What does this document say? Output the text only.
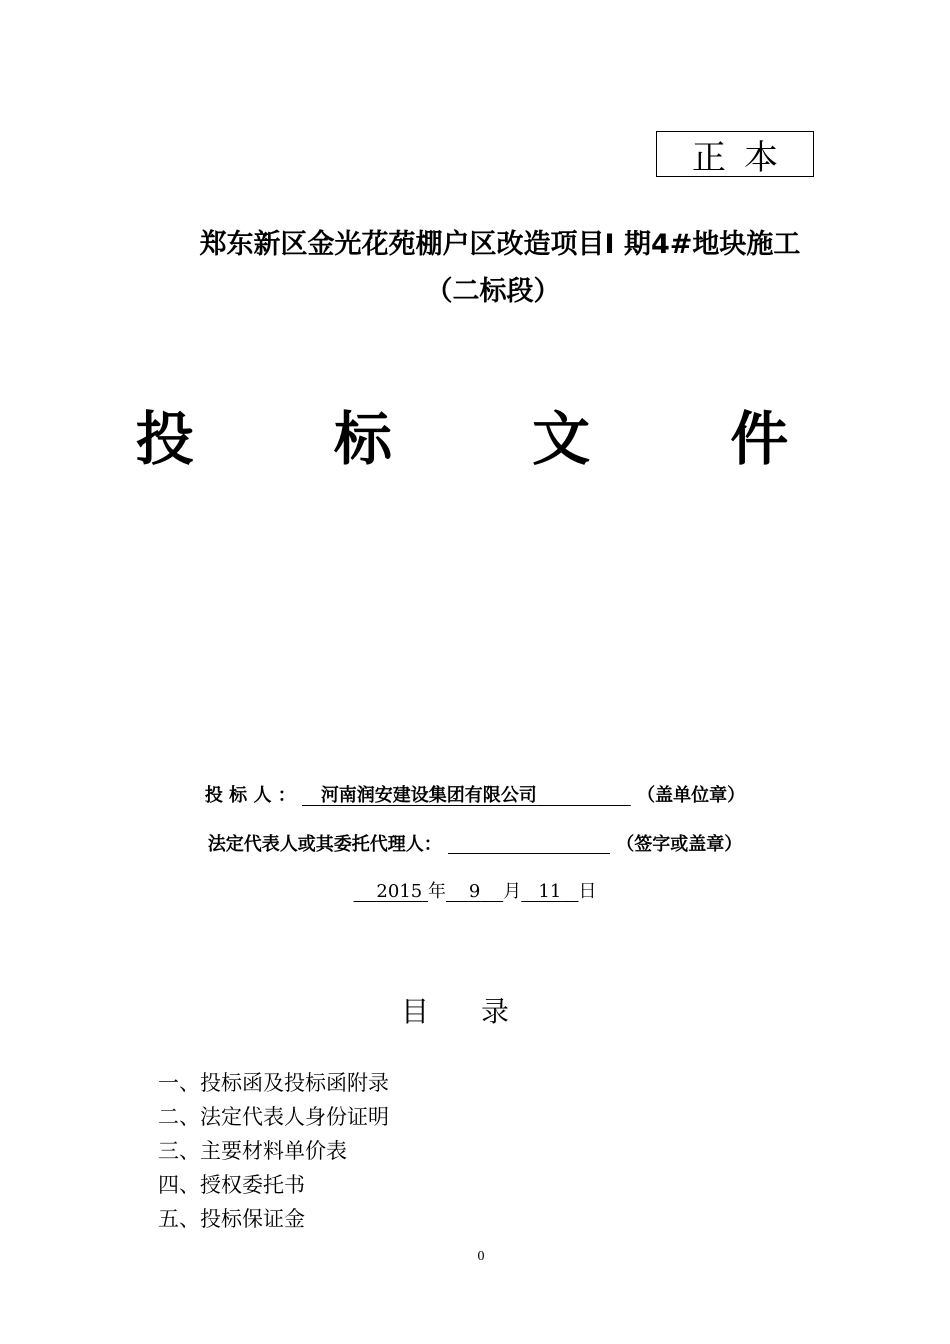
正本
郑东新区金光花苑棚户区改造项目I 期4#地块施工
（二标段）
投 标 文 件
投 标 人 ： 河南润安建设集团有限公司	（盖单位章）
法定代表人或其委托代理人：	（签字或盖章）
2015 年 9 月 11 日
目录
一、投标函及投标函附录
二、法定代表人身份证明
三、主要材料单价表
四、授权委托书
五、投标保证金
0
